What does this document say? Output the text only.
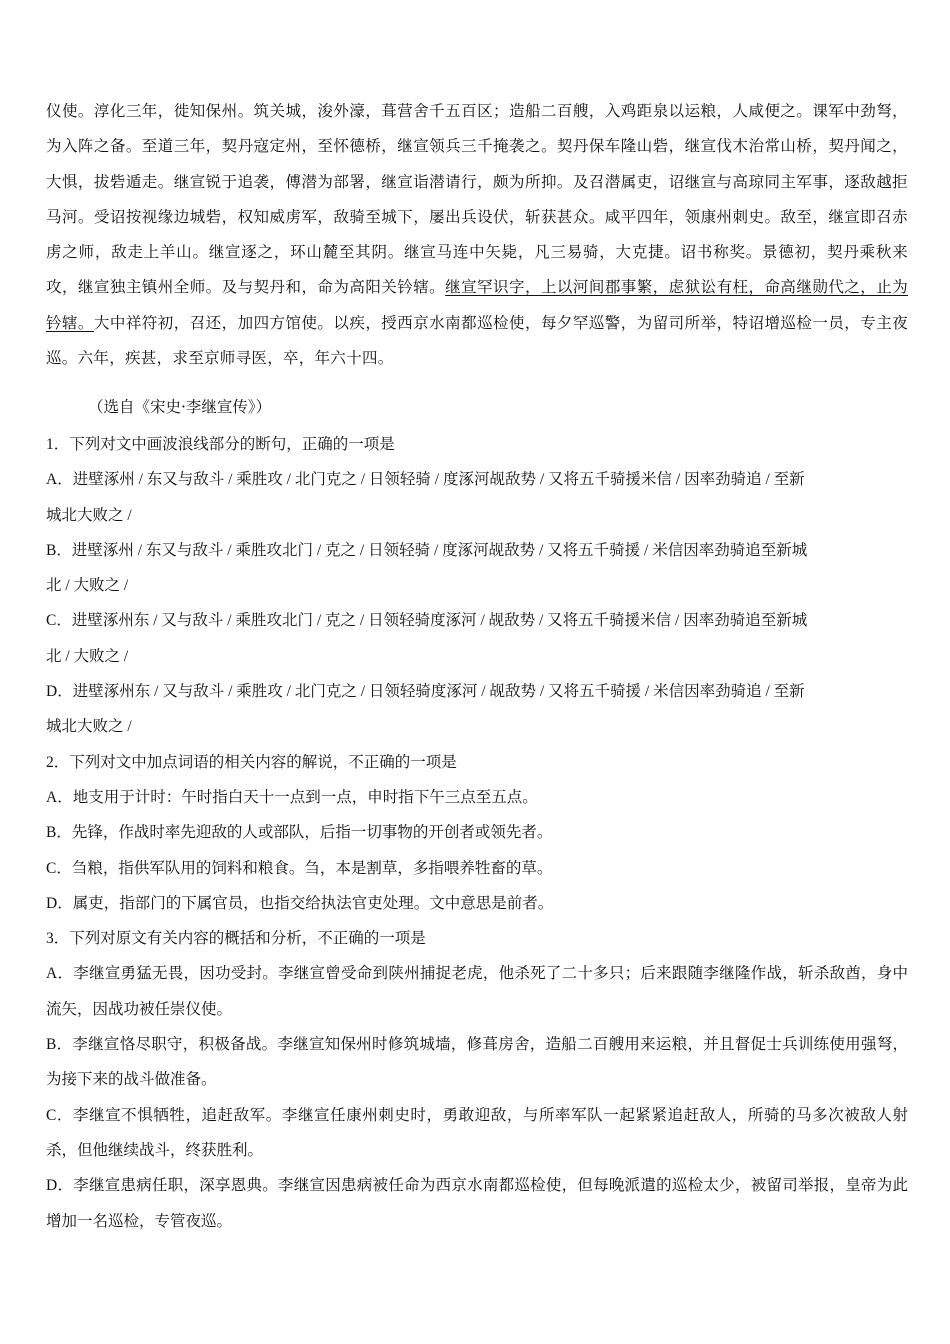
仪使。淳化三年，徙知保州。筑关城，浚外濠，葺营舍千五百区；造船二百艘，入鸡距泉以运粮，人咸便之。课军中劲弩，为入阵之备。至道三年，契丹寇定州，至怀德桥，继宣领兵三千掩袭之。契丹保车隆山砦，继宣伐木治常山桥，契丹闻之，大惧，拔砦遁走。继宣锐于追袭，傅潜为部署，继宣诣潜请行，颇为所抑。及召潜属吏，诏继宣与高琼同主军事，逐敌越拒马河。受诏按视缘边城砦，权知威虏军，敌骑至城下，屡出兵设伏，斩获甚众。咸平四年，领康州刺史。敌至，继宣即召赤虏之师，敌走上羊山。继宣逐之，环山麓至其阴。继宣马连中矢毙，凡三易骑，大克捷。诏书称奖。景德初，契丹乘秋来攻，继宣独主镇州全师。及与契丹和，命为高阳关钤辖。继宣罕识字，上以河间郡事繁，虑狱讼有枉，命高继勋代之，止为钤辖。大中祥符初，召还，加四方馆使。以疾，授西京水南都巡检使，每夕罕巡警，为留司所举，特诏增巡检一员，专主夜巡。六年，疾甚，求至京师寻医，卒，年六十四。
（选自《宋史·李继宣传》）
1．下列对文中画波浪线部分的断句，正确的一项是
A．进壁涿州 / 东又与敌斗 / 乘胜攻 / 北门克之 / 日领轻骑 / 度涿河觇敌势 / 又将五千骑援米信 / 因率劲骑追 / 至新
城北大败之 /
B．进壁涿州 / 东又与敌斗 / 乘胜攻北门 / 克之 / 日领轻骑 / 度涿河觇敌势 / 又将五千骑援 / 米信因率劲骑追至新城
北 / 大败之 /
C．进壁涿州东 / 又与敌斗 / 乘胜攻北门 / 克之 / 日领轻骑度涿河 / 觇敌势 / 又将五千骑援米信 / 因率劲骑追至新城
北 / 大败之 /
D．进壁涿州东 / 又与敌斗 / 乘胜攻 / 北门克之 / 日领轻骑度涿河 / 觇敌势 / 又将五千骑援 / 米信因率劲骑追 / 至新
城北大败之 /
2．下列对文中加点词语的相关内容的解说，不正确的一项是
A．地支用于计时：午时指白天十一点到一点，申时指下午三点至五点。
B．先锋，作战时率先迎敌的人或部队，后指一切事物的开创者或领先者。
C．刍粮，指供军队用的饲料和粮食。刍，本是割草，多指喂养牲畜的草。
D．属吏，指部门的下属官员，也指交给执法官吏处理。文中意思是前者。
3．下列对原文有关内容的概括和分析，不正确的一项是
A．李继宣勇猛无畏，因功受封。李继宣曾受命到陕州捕捉老虎，他杀死了二十多只；后来跟随李继隆作战，斩杀敌酋，身中流矢，因战功被任崇仪使。
B．李继宣恪尽职守，积极备战。李继宣知保州时修筑城墙，修葺房舍，造船二百艘用来运粮，并且督促士兵训练使用强弩，为接下来的战斗做准备。
C．李继宣不惧牺牲，追赶敌军。李继宣任康州刺史时，勇敢迎敌，与所率军队一起紧紧追赶敌人，所骑的马多次被敌人射杀，但他继续战斗，终获胜利。
D．李继宣患病任职，深享恩典。李继宣因患病被任命为西京水南都巡检使，但每晚派遣的巡检太少，被留司举报，皇帝为此增加一名巡检，专管夜巡。
